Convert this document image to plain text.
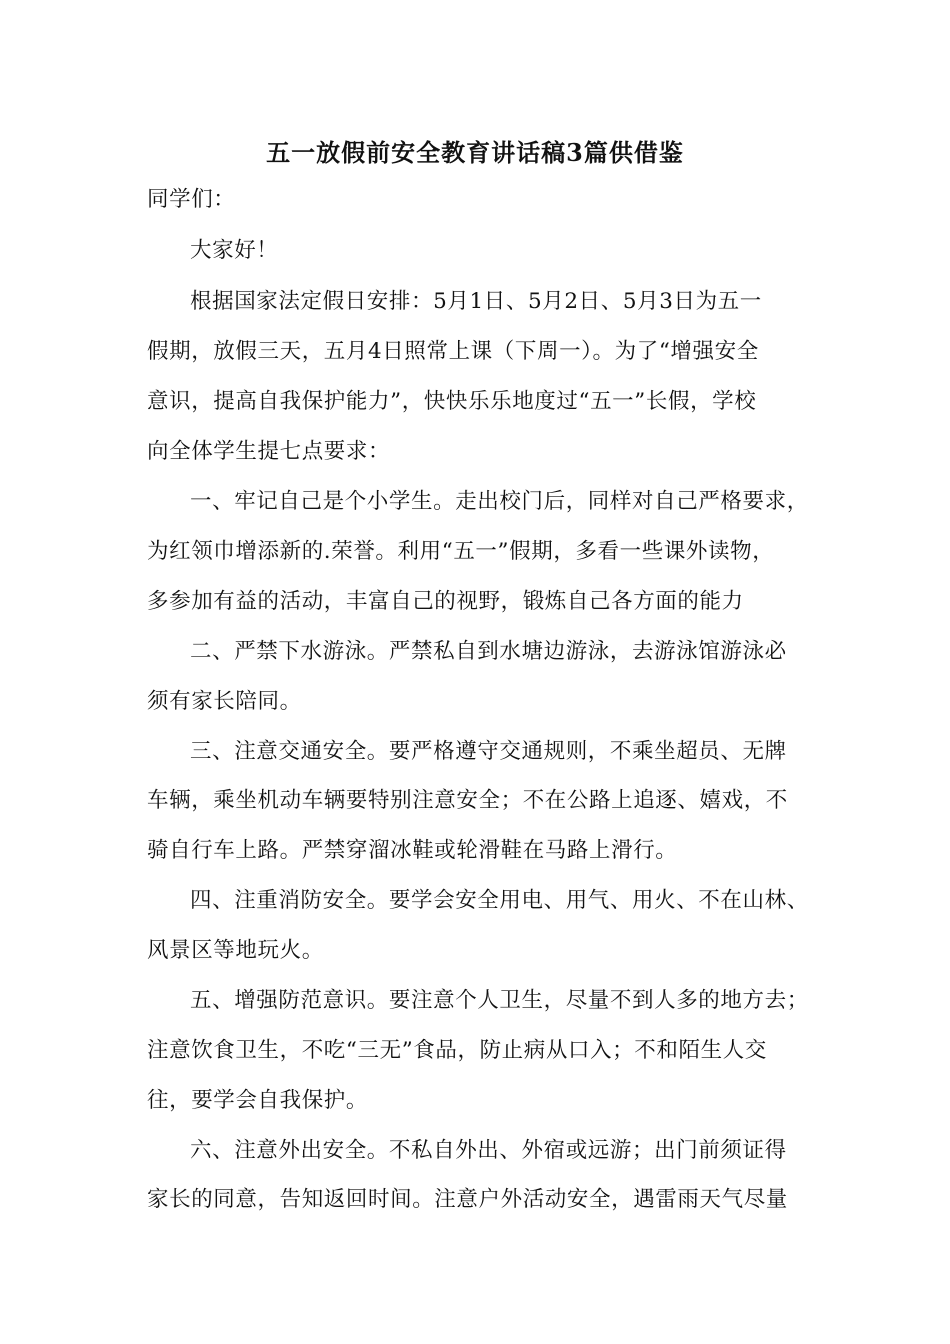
五一放假前安全教育讲话稿3篇供借鉴
同学们：
大家好！
根据国家法定假日安排：5月1日、5月2日、5月3日为五一
假期，放假三天，五月4日照常上课（下周一）。为了“增强安全
意识，提高自我保护能力”，快快乐乐地度过“五一”长假，学校
向全体学生提七点要求：
一、牢记自己是个小学生。走出校门后，同样对自己严格要求，
为红领巾增添新的.荣誉。利用“五一”假期，多看一些课外读物，
多参加有益的活动，丰富自己的视野，锻炼自己各方面的能力
二、严禁下水游泳。严禁私自到水塘边游泳，去游泳馆游泳必
须有家长陪同。
三、注意交通安全。要严格遵守交通规则，不乘坐超员、无牌
车辆，乘坐机动车辆要特别注意安全；不在公路上追逐、嬉戏，不
骑自行车上路。严禁穿溜冰鞋或轮滑鞋在马路上滑行。
四、注重消防安全。要学会安全用电、用气、用火、不在山林、
风景区等地玩火。
五、增强防范意识。要注意个人卫生，尽量不到人多的地方去；
注意饮食卫生，不吃“三无”食品，防止病从口入；不和陌生人交
往，要学会自我保护。
六、注意外出安全。不私自外出、外宿或远游；出门前须证得
家长的同意，告知返回时间。注意户外活动安全，遇雷雨天气尽量
